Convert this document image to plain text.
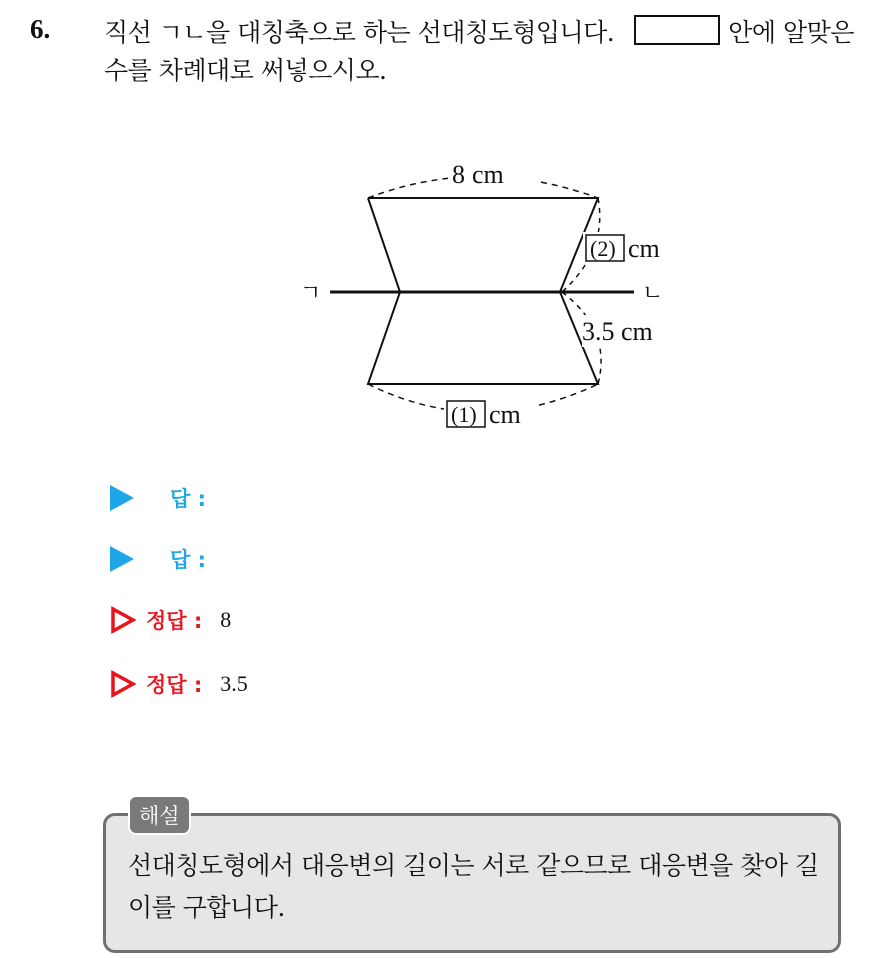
6. 직선 ㄱㄴ을 대칭축으로 하는 선대칭도형입니다.	안에 알맞은 수를 차례대로 써넣으시오.
ㄱ	ㄴ
8 cm
(2) cm
3.5 cm
(1) cm
답 :
답 :
정답 : 8
정답 : 3.5
해설
선대칭도형에서 대응변의 길이는 서로 같으므로 대응변을 찾아 길이를 구합니다.
